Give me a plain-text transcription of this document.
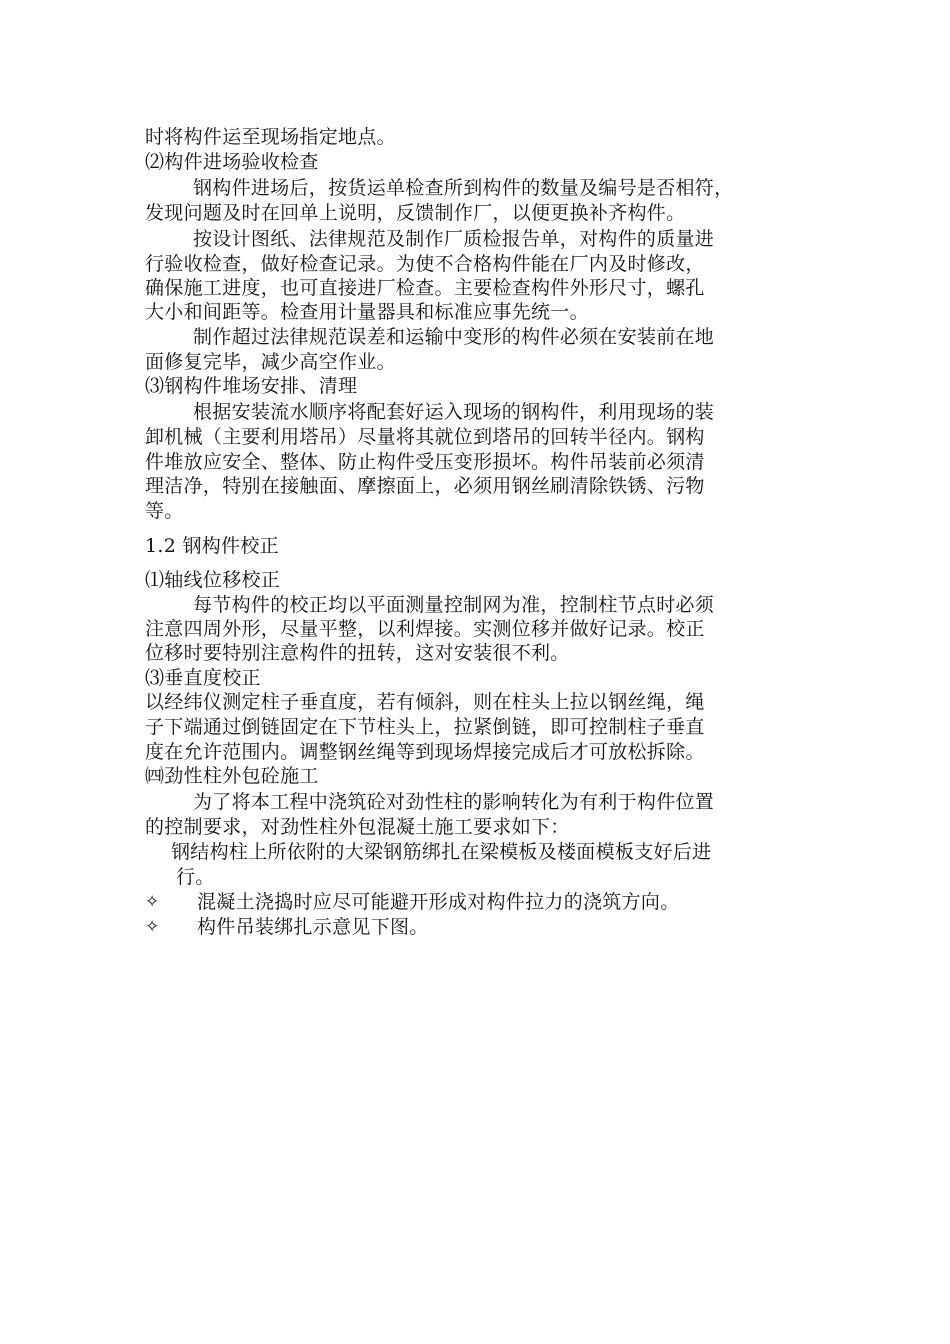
时将构件运至现场指定地点。
⑵构件进场验收检查
钢构件进场后，按货运单检查所到构件的数量及编号是否相符，
发现问题及时在回单上说明，反馈制作厂，以便更换补齐构件。
按设计图纸、法律规范及制作厂质检报告单，对构件的质量进
行验收检查，做好检查记录。为使不合格构件能在厂内及时修改，
确保施工进度，也可直接进厂检查。主要检查构件外形尺寸，螺孔
大小和间距等。检查用计量器具和标准应事先统一。
制作超过法律规范误差和运输中变形的构件必须在安装前在地
面修复完毕，减少高空作业。
⑶钢构件堆场安排、清理
根据安装流水顺序将配套好运入现场的钢构件，利用现场的装
卸机械（主要利用塔吊）尽量将其就位到塔吊的回转半径内。钢构
件堆放应安全、整体、防止构件受压变形损坏。构件吊装前必须清
理洁净，特别在接触面、摩擦面上，必须用钢丝刷清除铁锈、污物
等。
1.2 钢构件校正
⑴轴线位移校正
每节构件的校正均以平面测量控制网为准，控制柱节点时必须
注意四周外形，尽量平整，以利焊接。实测位移并做好记录。校正
位移时要特别注意构件的扭转，这对安装很不利。
⑶垂直度校正
以经纬仪测定柱子垂直度，若有倾斜，则在柱头上拉以钢丝绳，绳
子下端通过倒链固定在下节柱头上，拉紧倒链，即可控制柱子垂直
度在允许范围内。调整钢丝绳等到现场焊接完成后才可放松拆除。
㈣劲性柱外包砼施工
为了将本工程中浇筑砼对劲性柱的影响转化为有利于构件位置
的控制要求，对劲性柱外包混凝土施工要求如下：
钢结构柱上所依附的大梁钢筋绑扎在梁模板及楼面模板支好后进
行。
✧ 混凝土浇捣时应尽可能避开形成对构件拉力的浇筑方向。
✧ 构件吊装绑扎示意见下图。
